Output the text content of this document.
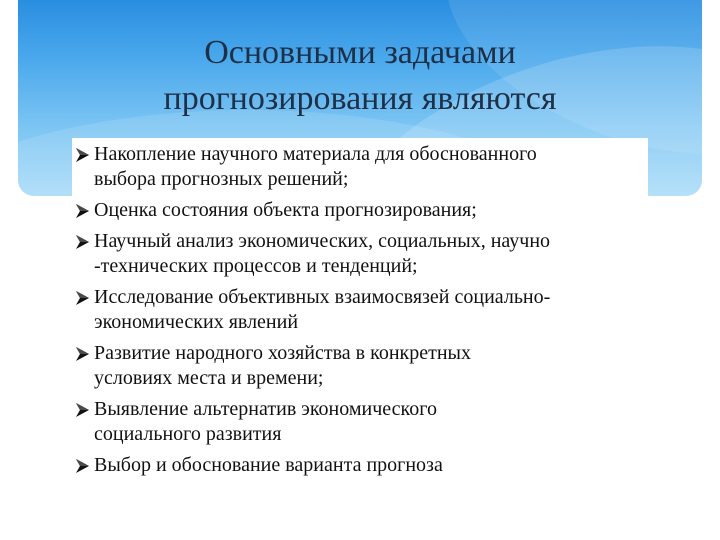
Основными задачами
прогнозирования являются
Накопление научного материала для обоснованного
выбора прогнозных решений;
Оценка состояния объекта прогнозирования;
Научный анализ экономических, социальных, научно
-технических процессов и тенденций;
Исследование объективных взаимосвязей социально-
экономических явлений
Развитие народного хозяйства в конкретных
условиях места и времени;
Выявление альтернатив экономического
социального развития
Выбор и обоснование варианта прогноза
